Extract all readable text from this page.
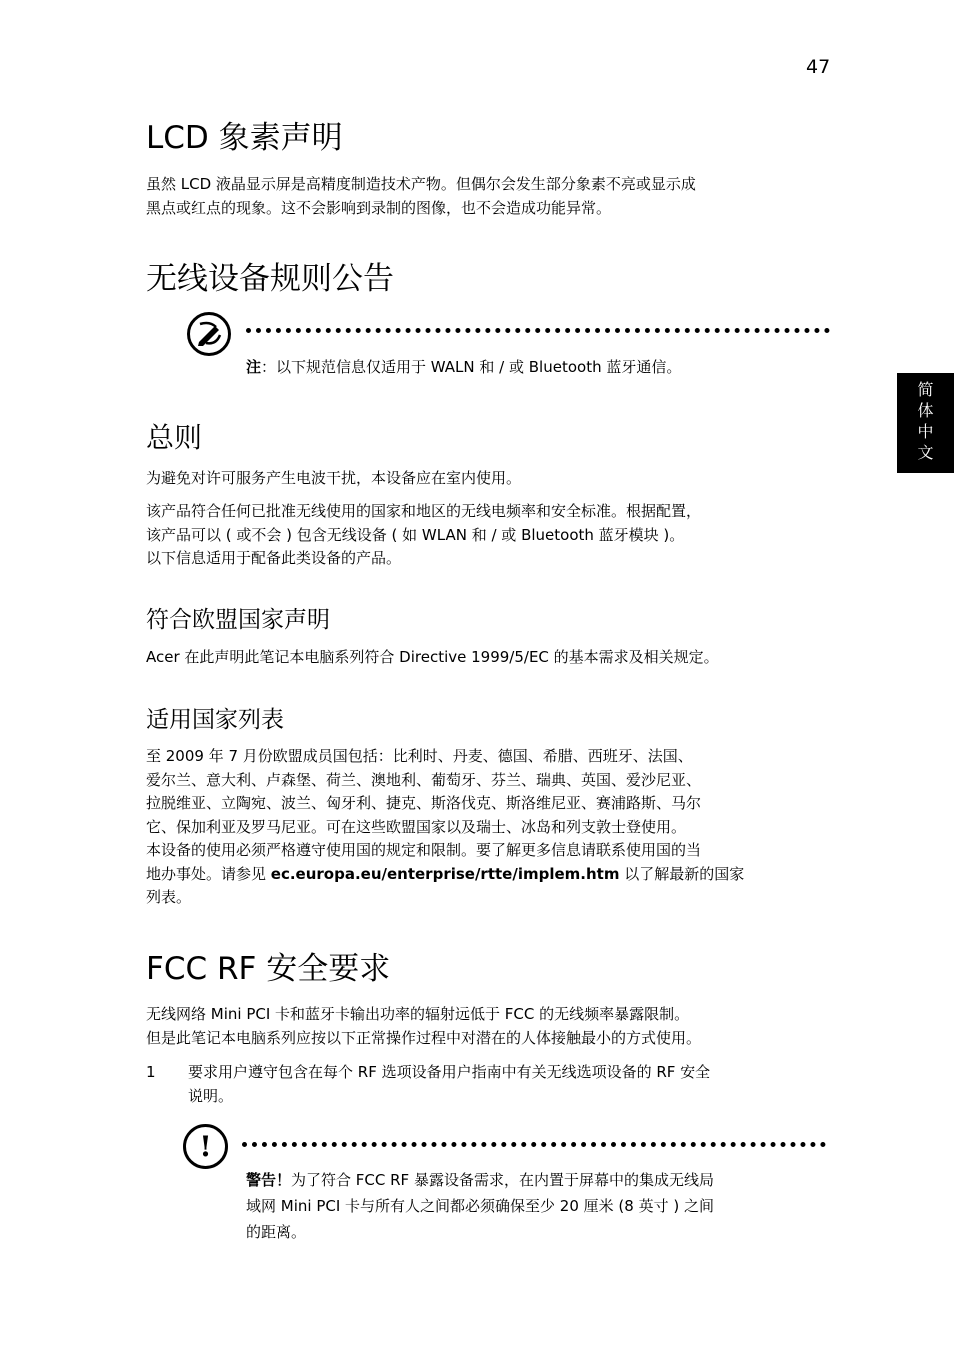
47
简
体
中
文
LCD 象素声明
虽然 LCD 液晶显示屏是高精度制造技术产物。但偶尔会发生部分象素不亮或显示成
黑点或红点的现象。这不会影响到录制的图像，也不会造成功能异常。
无线设备规则公告
注：以下规范信息仅适用于 WALN 和 / 或 Bluetooth 蓝牙通信。
总则
为避免对许可服务产生电波干扰，本设备应在室内使用。
该产品符合任何已批准无线使用的国家和地区的无线电频率和安全标准。根据配置，
该产品可以 ( 或不会 ) 包含无线设备 ( 如 WLAN 和 / 或 Bluetooth 蓝牙模块 )。
以下信息适用于配备此类设备的产品。
符合欧盟国家声明
Acer 在此声明此笔记本电脑系列符合 Directive 1999/5/EC 的基本需求及相关规定。
适用国家列表
至 2009 年 7 月份欧盟成员国包括：比利时、丹麦、德国、希腊、西班牙、法国、
爱尔兰、意大利、卢森堡、荷兰、澳地利、葡萄牙、芬兰、瑞典、英国、爱沙尼亚、
拉脱维亚、立陶宛、波兰、匈牙利、捷克、斯洛伐克、斯洛维尼亚、赛浦路斯、马尔
它、保加利亚及罗马尼亚。可在这些欧盟国家以及瑞士、冰岛和列支敦士登使用。
本设备的使用必须严格遵守使用国的规定和限制。要了解更多信息请联系使用国的当
地办事处。请参见 ec.europa.eu/enterprise/rtte/implem.htm 以了解最新的国家
列表。
FCC RF 安全要求
无线网络 Mini PCI 卡和蓝牙卡输出功率的辐射远低于 FCC 的无线频率暴露限制。
但是此笔记本电脑系列应按以下正常操作过程中对潜在的人体接触最小的方式使用。
1 要求用户遵守包含在每个 RF 选项设备用户指南中有关无线选项设备的 RF 安全
说明。
!
警告！为了符合 FCC RF 暴露设备需求，在内置于屏幕中的集成无线局
域网 Mini PCI 卡与所有人之间都必须确保至少 20 厘米 (8 英寸 ) 之间
的距离。
